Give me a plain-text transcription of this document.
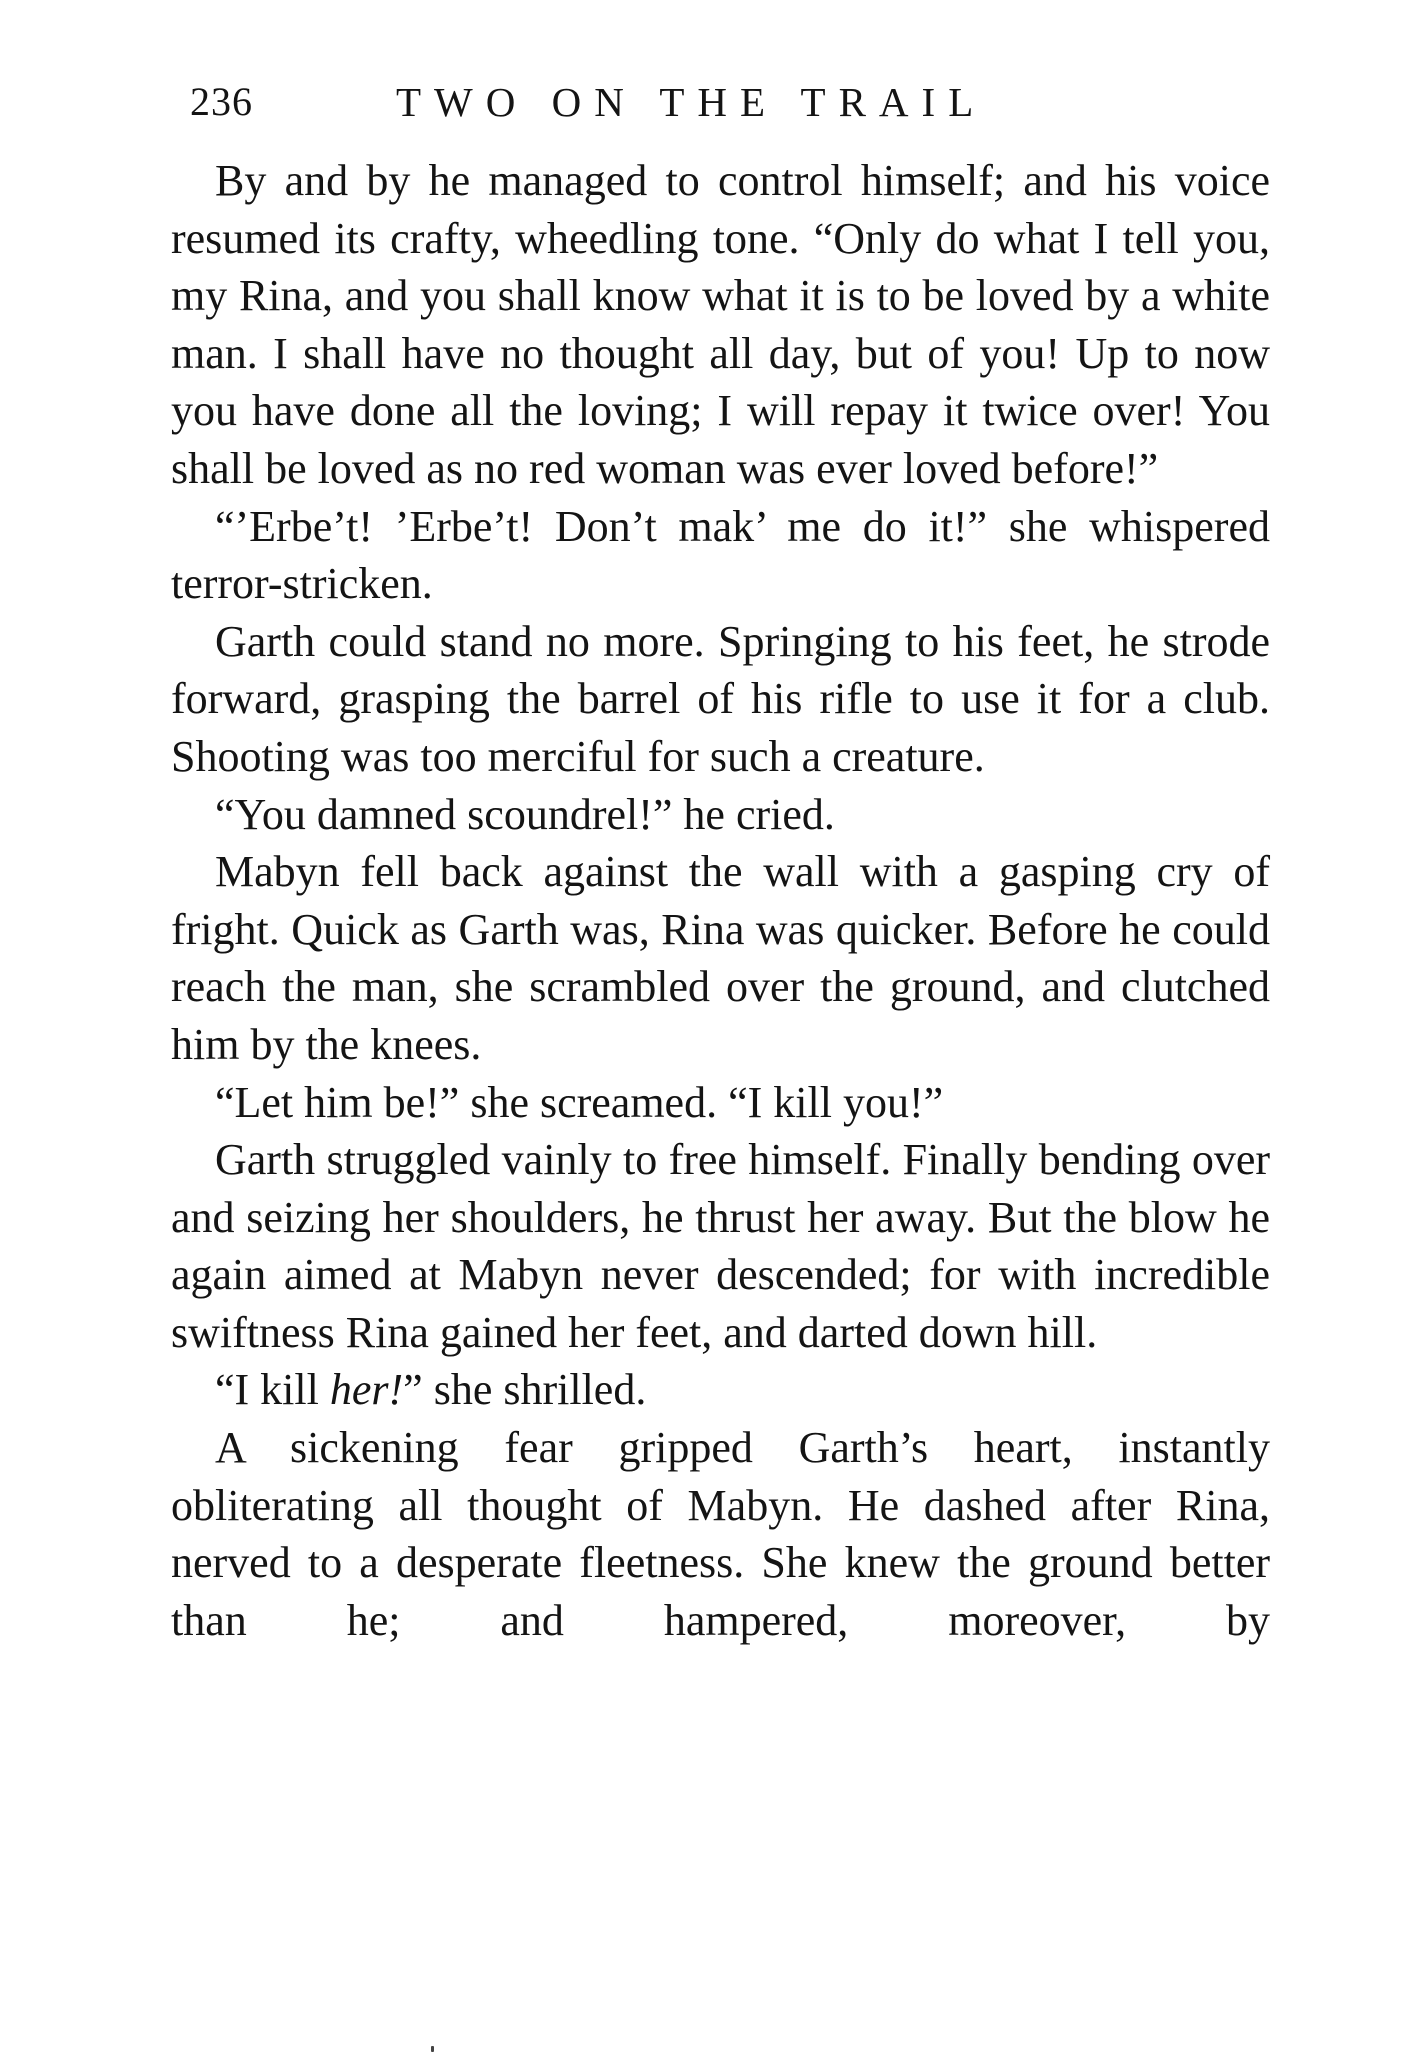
236	TWO ON THE TRAIL

By and by he managed to control himself; and his voice resumed its crafty, wheedling tone. “Only do what I tell you, my Rina, and you shall know what it is to be loved by a white man. I shall have no thought all day, but of you! Up to now you have done all the loving; I will repay it twice over! You shall be loved as no red woman was ever loved before!”

“’Erbe’t! ’Erbe’t! Don’t mak’ me do it!” she whispered terror-stricken.

Garth could stand no more. Springing to his feet, he strode forward, grasping the barrel of his rifle to use it for a club. Shooting was too merciful for such a creature.

“You damned scoundrel!” he cried.

Mabyn fell back against the wall with a gasping cry of fright. Quick as Garth was, Rina was quicker. Before he could reach the man, she scrambled over the ground, and clutched him by the knees.

“Let him be!” she screamed. “I kill you!”

Garth struggled vainly to free himself. Finally bending over and seizing her shoulders, he thrust her away. But the blow he again aimed at Mabyn never descended; for with incredible swiftness Rina gained her feet, and darted down hill.

“I kill her!” she shrilled.

A sickening fear gripped Garth’s heart, instantly obliterating all thought of Mabyn. He dashed after Rina, nerved to a desperate fleetness. She knew the ground better than he; and hampered, moreover, by
